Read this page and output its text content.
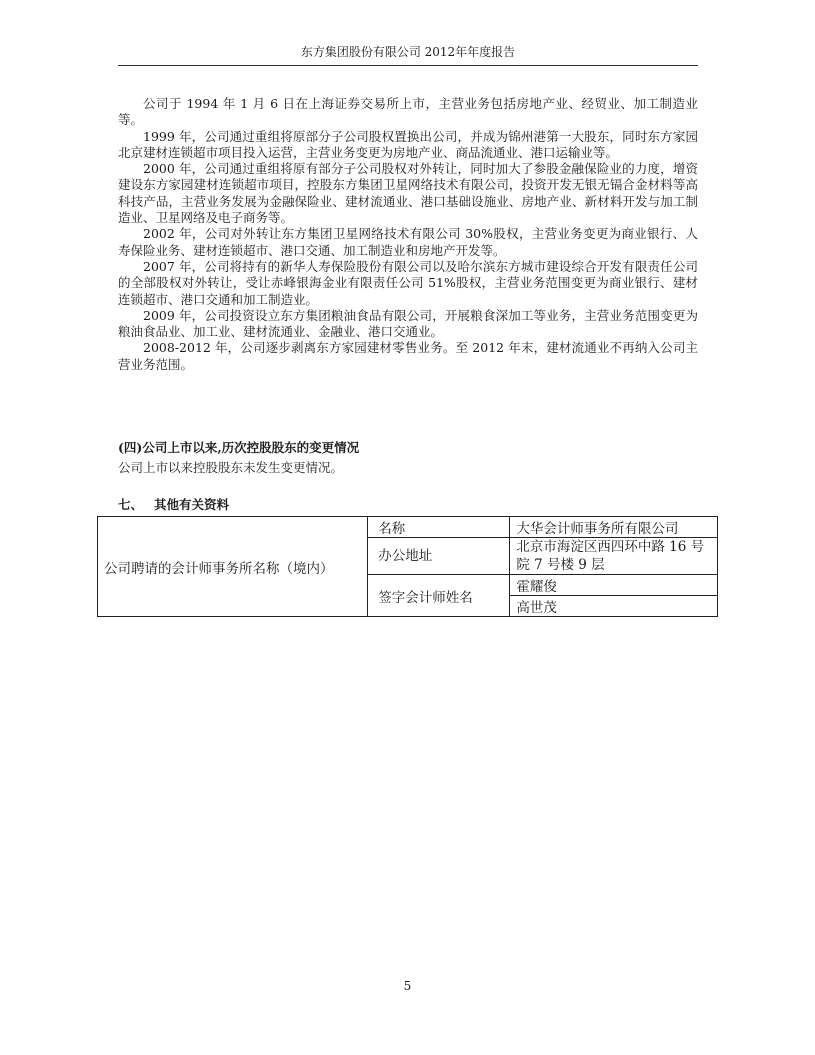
东方集团股份有限公司 2012年年度报告

公司于 1994 年 1 月 6 日在上海证券交易所上市，主营业务包括房地产业、经贸业、加工制造业等。

1999 年，公司通过重组将原部分子公司股权置换出公司，并成为锦州港第一大股东，同时东方家园北京建材连锁超市项目投入运营，主营业务变更为房地产业、商品流通业、港口运输业等。

2000 年，公司通过重组将原有部分子公司股权对外转让，同时加大了参股金融保险业的力度，增资建设东方家园建材连锁超市项目，控股东方集团卫星网络技术有限公司，投资开发无银无镉合金材料等高科技产品，主营业务发展为金融保险业、建材流通业、港口基础设施业、房地产业、新材料开发与加工制造业、卫星网络及电子商务等。

2002 年，公司对外转让东方集团卫星网络技术有限公司 30%股权，主营业务变更为商业银行、人寿保险业务、建材连锁超市、港口交通、加工制造业和房地产开发等。

2007 年，公司将持有的新华人寿保险股份有限公司以及哈尔滨东方城市建设综合开发有限责任公司的全部股权对外转让，受让赤峰银海金业有限责任公司 51%股权，主营业务范围变更为商业银行、建材连锁超市、港口交通和加工制造业。

2009 年，公司投资设立东方集团粮油食品有限公司，开展粮食深加工等业务，主营业务范围变更为粮油食品业、加工业、建材流通业、金融业、港口交通业。

2008-2012 年，公司逐步剥离东方家园建材零售业务。至 2012 年末，建材流通业不再纳入公司主营业务范围。

(四)公司上市以来,历次控股股东的变更情况
公司上市以来控股股东未发生变更情况。
七、 其他有关资料
公司聘请的会计师事务所名称（境内）	名称	大华会计师事务所有限公司
	办公地址	北京市海淀区西四环中路 16 号院 7 号楼 9 层
	签字会计师姓名	霍耀俊
		高世茂
5
